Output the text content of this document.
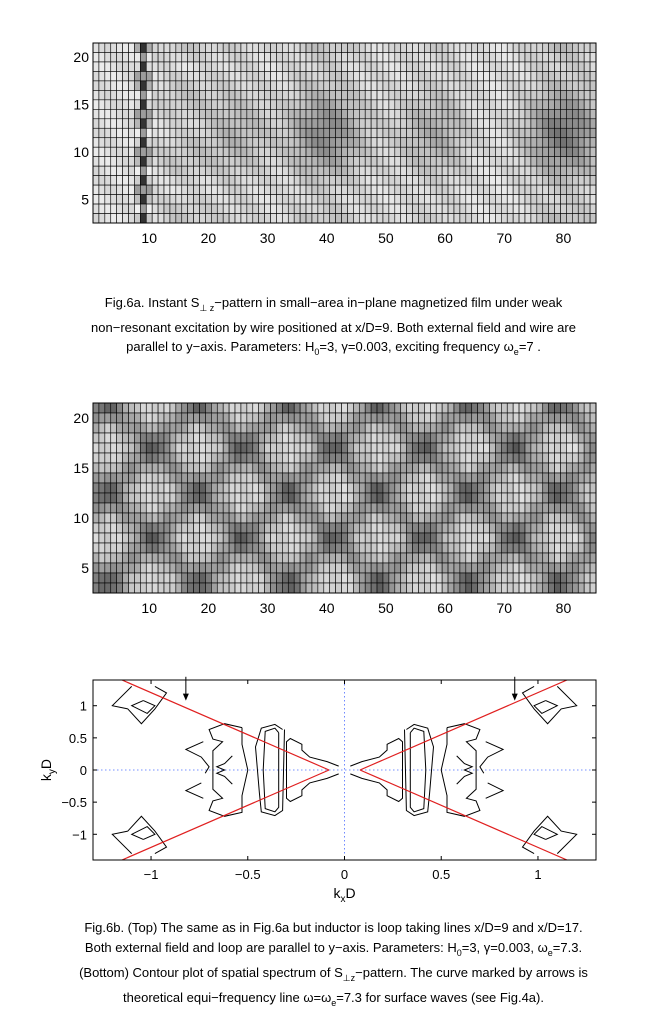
10	20	30	40	50	60	70	80
5
10
15
20
Fig.6a. Instant $S_{\perp z}-pattern$ in small−area in−plane magnetized film under weak
non−resonant excitation by wire positioned at x/D=9. Both external field and wire are
parallel to y−axis. Parameters: $H_0=3$, γ=0.003, exciting frequency $\omega_e=7$ .
10	20	30	40	50	60	70	80
5
10
15
20
−1	−0.5	0	0.5	1
1
0.5
0
−0.5
−1
$k_xD$
$k_yD$
Fig.6b. (Top) The same as in Fig.6a but inductor is loop taking lines x/D=9 and x/D=17.
Both external field and loop are parallel to y−axis. Parameters: $H_0=3$, γ=0.003, $\omega_e=7.3$.
(Bottom) Contour plot of spatial spectrum of $S_{\perp z}-pattern$. The curve marked by arrows is
theoretical equi−frequency line $\omega=\omega_e=7.3$ for surface waves (see Fig.4a).
